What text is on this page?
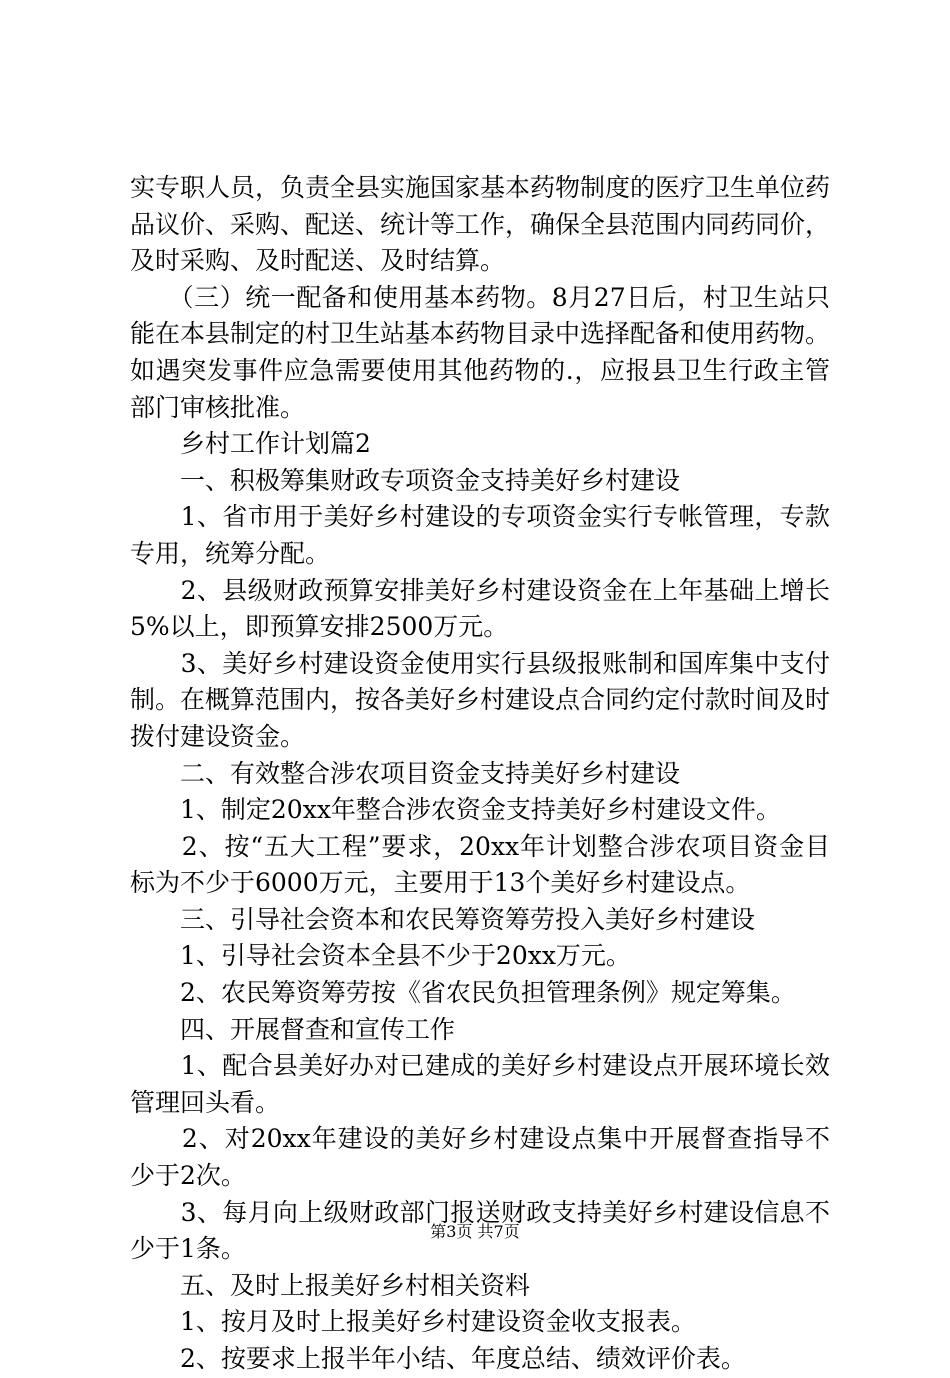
实专职人员，负责全县实施国家基本药物制度的医疗卫生单位药品议价、采购、配送、统计等工作，确保全县范围内同药同价，及时采购、及时配送、及时结算。

　　（三）统一配备和使用基本药物。8月27日后，村卫生站只能在本县制定的村卫生站基本药物目录中选择配备和使用药物。如遇突发事件应急需要使用其他药物的.，应报县卫生行政主管部门审核批准。

　　乡村工作计划篇2

　　一、积极筹集财政专项资金支持美好乡村建设

　　1、省市用于美好乡村建设的专项资金实行专帐管理，专款专用，统筹分配。

　　2、县级财政预算安排美好乡村建设资金在上年基础上增长5%以上，即预算安排2500万元。

　　3、美好乡村建设资金使用实行县级报账制和国库集中支付制。在概算范围内，按各美好乡村建设点合同约定付款时间及时拨付建设资金。

　　二、有效整合涉农项目资金支持美好乡村建设

　　1、制定20xx年整合涉农资金支持美好乡村建设文件。

　　2、按“五大工程”要求，20xx年计划整合涉农项目资金目标为不少于6000万元，主要用于13个美好乡村建设点。

　　三、引导社会资本和农民筹资筹劳投入美好乡村建设

　　1、引导社会资本全县不少于20xx万元。

　　2、农民筹资筹劳按《省农民负担管理条例》规定筹集。

　　四、开展督查和宣传工作

　　1、配合县美好办对已建成的美好乡村建设点开展环境长效管理回头看。

　　2、对20xx年建设的美好乡村建设点集中开展督查指导不少于2次。

　　3、每月向上级财政部门报送财政支持美好乡村建设信息不少于1条。

　　五、及时上报美好乡村相关资料

　　1、按月及时上报美好乡村建设资金收支报表。

　　2、按要求上报半年小结、年度总结、绩效评价表。

第3页 共7页
